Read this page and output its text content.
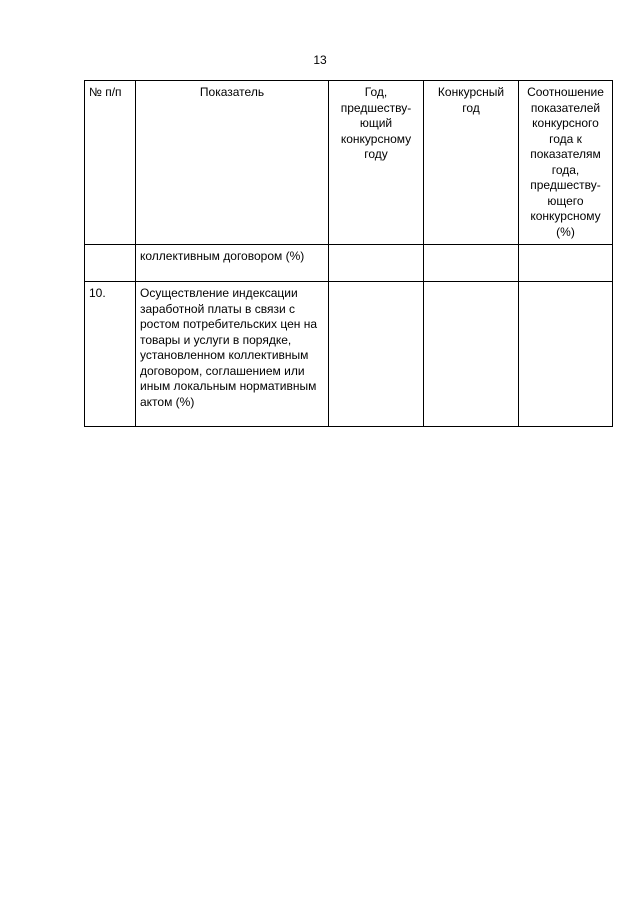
13
№ п/п	Показатель	Год, предшеству-ющий конкурсному году	Конкурсный год	Соотношение показателей конкурсного года к показателям года, предшеству-ющего конкурсному (%)
	коллективным договором (%)			
10.	Осуществление индексации заработной платы в связи с ростом потребительских цен на товары и услуги в порядке, установленном коллективным договором, соглашением или иным локальным нормативным актом (%)			
